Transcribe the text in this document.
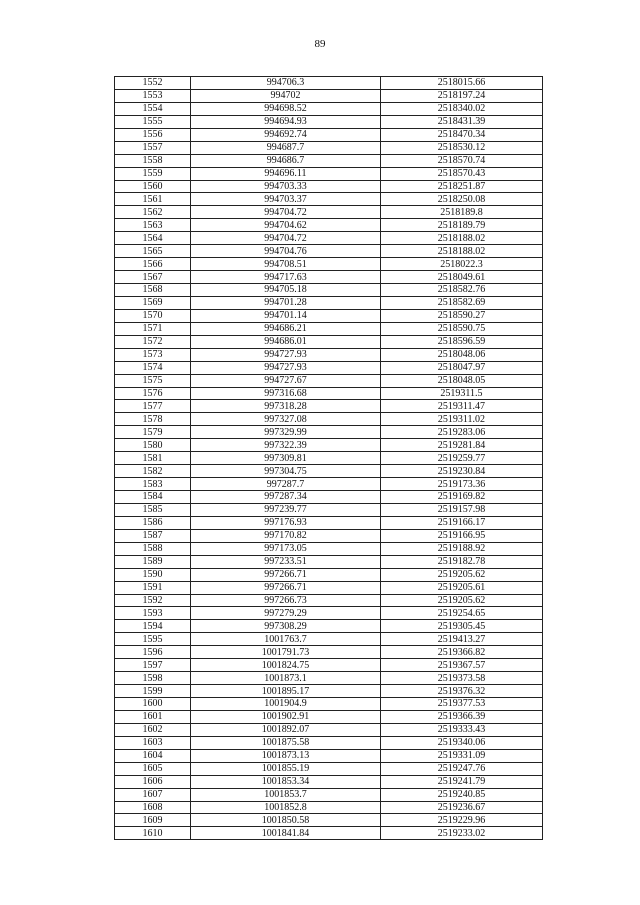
89
1552	994706.3	2518015.66
1553	994702	2518197.24
1554	994698.52	2518340.02
1555	994694.93	2518431.39
1556	994692.74	2518470.34
1557	994687.7	2518530.12
1558	994686.7	2518570.74
1559	994696.11	2518570.43
1560	994703.33	2518251.87
1561	994703.37	2518250.08
1562	994704.72	2518189.8
1563	994704.62	2518189.79
1564	994704.72	2518188.02
1565	994704.76	2518188.02
1566	994708.51	2518022.3
1567	994717.63	2518049.61
1568	994705.18	2518582.76
1569	994701.28	2518582.69
1570	994701.14	2518590.27
1571	994686.21	2518590.75
1572	994686.01	2518596.59
1573	994727.93	2518048.06
1574	994727.93	2518047.97
1575	994727.67	2518048.05
1576	997316.68	2519311.5
1577	997318.28	2519311.47
1578	997327.08	2519311.02
1579	997329.99	2519283.06
1580	997322.39	2519281.84
1581	997309.81	2519259.77
1582	997304.75	2519230.84
1583	997287.7	2519173.36
1584	997287.34	2519169.82
1585	997239.77	2519157.98
1586	997176.93	2519166.17
1587	997170.82	2519166.95
1588	997173.05	2519188.92
1589	997233.51	2519182.78
1590	997266.71	2519205.62
1591	997266.71	2519205.61
1592	997266.73	2519205.62
1593	997279.29	2519254.65
1594	997308.29	2519305.45
1595	1001763.7	2519413.27
1596	1001791.73	2519366.82
1597	1001824.75	2519367.57
1598	1001873.1	2519373.58
1599	1001895.17	2519376.32
1600	1001904.9	2519377.53
1601	1001902.91	2519366.39
1602	1001892.07	2519333.43
1603	1001875.58	2519340.06
1604	1001873.13	2519331.09
1605	1001855.19	2519247.76
1606	1001853.34	2519241.79
1607	1001853.7	2519240.85
1608	1001852.8	2519236.67
1609	1001850.58	2519229.96
1610	1001841.84	2519233.02
